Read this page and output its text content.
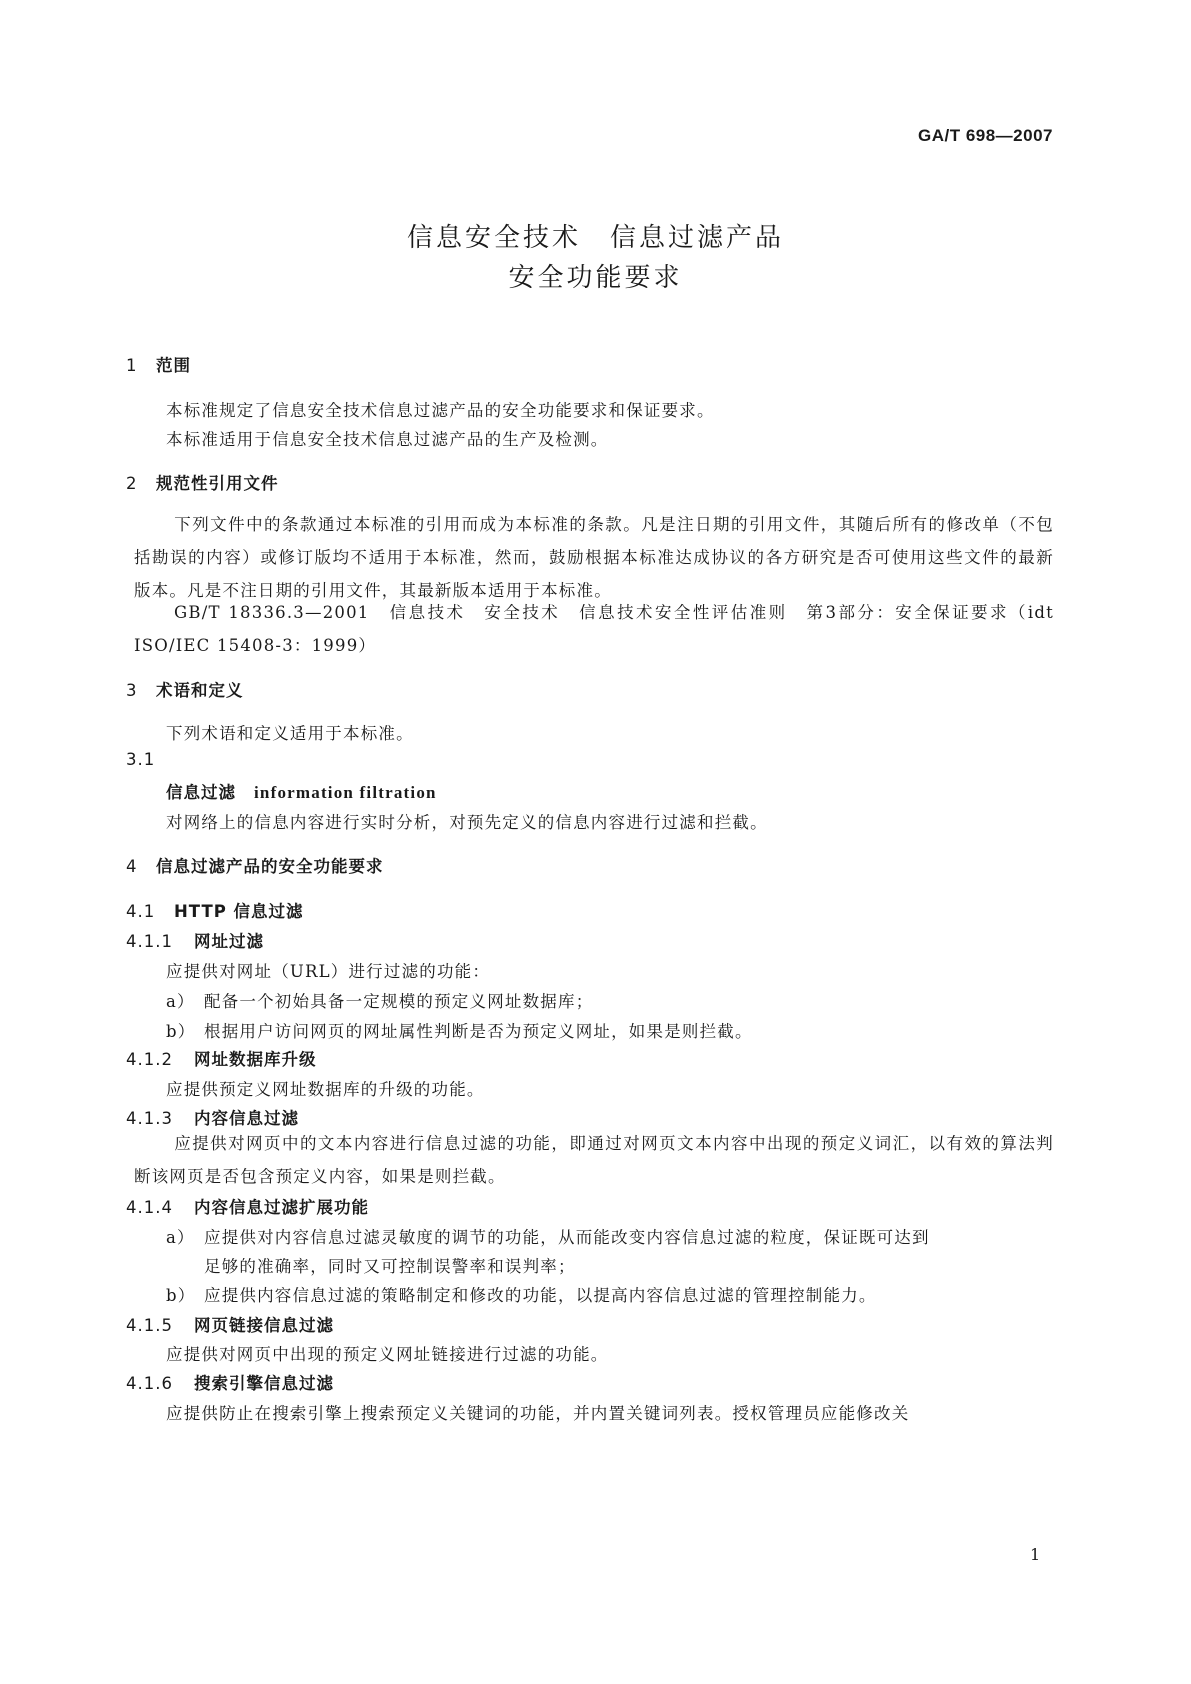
GA/T 698—2007
信息安全技术　信息过滤产品
安全功能要求
1 范围
本标准规定了信息安全技术信息过滤产品的安全功能要求和保证要求。
本标准适用于信息安全技术信息过滤产品的生产及检测。
2 规范性引用文件
下列文件中的条款通过本标准的引用而成为本标准的条款。凡是注日期的引用文件，其随后所有的修改单（不包括勘误的内容）或修订版均不适用于本标准，然而，鼓励根据本标准达成协议的各方研究是否可使用这些文件的最新版本。凡是不注日期的引用文件，其最新版本适用于本标准。
GB/T 18336.3—2001　信息技术　安全技术　信息技术安全性评估准则　第3部分：安全保证要求（idt ISO/IEC 15408-3：1999）
3 术语和定义
下列术语和定义适用于本标准。
3.1
信息过滤 information filtration
对网络上的信息内容进行实时分析，对预先定义的信息内容进行过滤和拦截。
4 信息过滤产品的安全功能要求
4.1 HTTP 信息过滤
4.1.1 网址过滤
应提供对网址（URL）进行过滤的功能：
a） 配备一个初始具备一定规模的预定义网址数据库；
b） 根据用户访问网页的网址属性判断是否为预定义网址，如果是则拦截。
4.1.2 网址数据库升级
应提供预定义网址数据库的升级的功能。
4.1.3 内容信息过滤
应提供对网页中的文本内容进行信息过滤的功能，即通过对网页文本内容中出现的预定义词汇，以有效的算法判断该网页是否包含预定义内容，如果是则拦截。
4.1.4 内容信息过滤扩展功能
a） 应提供对内容信息过滤灵敏度的调节的功能，从而能改变内容信息过滤的粒度，保证既可达到
足够的准确率，同时又可控制误警率和误判率；
b） 应提供内容信息过滤的策略制定和修改的功能，以提高内容信息过滤的管理控制能力。
4.1.5 网页链接信息过滤
应提供对网页中出现的预定义网址链接进行过滤的功能。
4.1.6 搜索引擎信息过滤
应提供防止在搜索引擎上搜索预定义关键词的功能，并内置关键词列表。授权管理员应能修改关
1
